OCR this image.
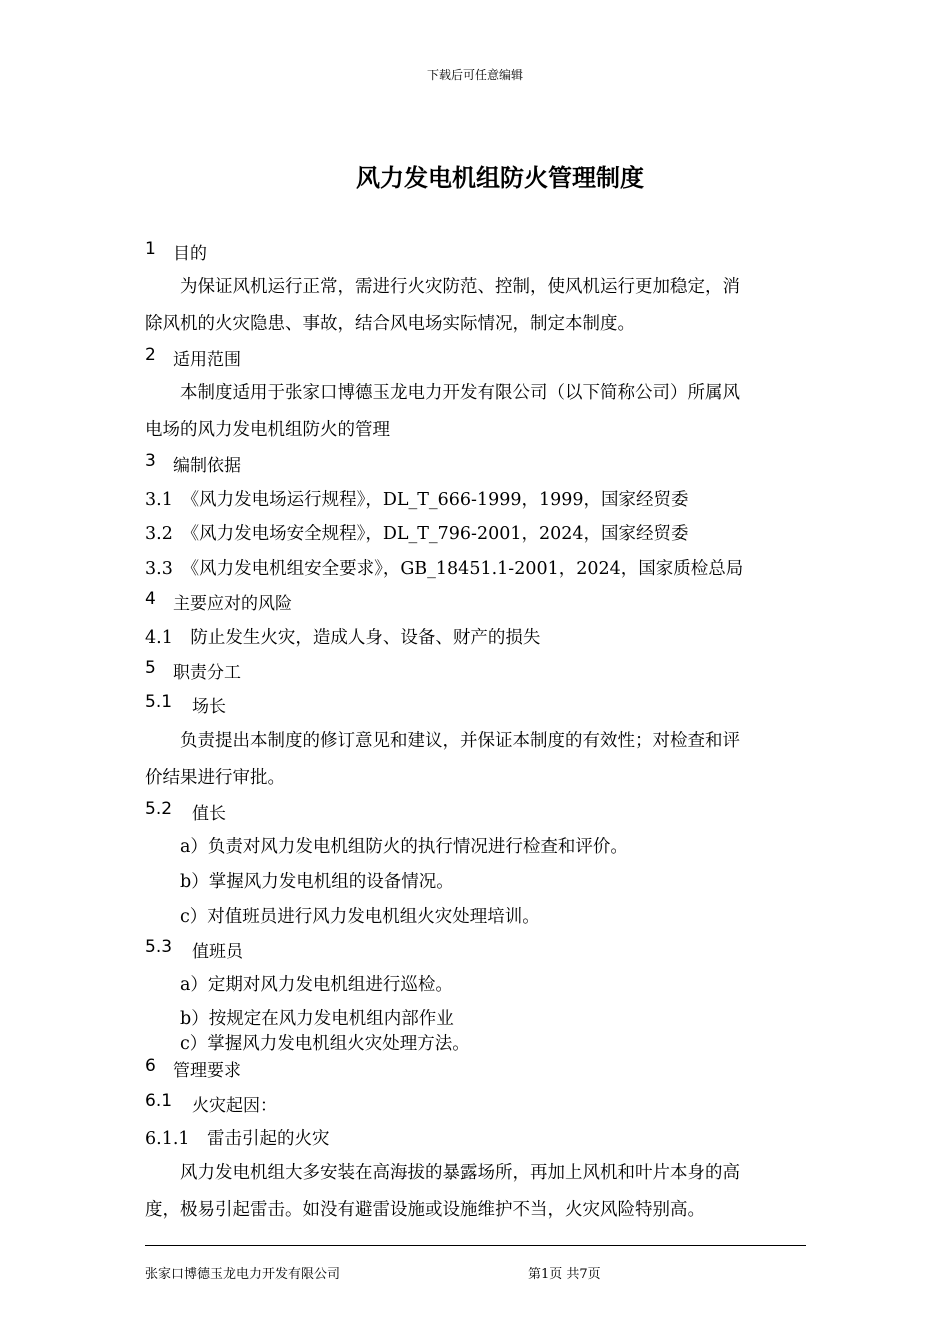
下载后可任意编辑
风力发电机组防火管理制度
1 目的
为保证风机运行正常，需进行火灾防范、控制，使风机运行更加稳定，消
除风机的火灾隐患、事故，结合风电场实际情况，制定本制度。
2 适用范围
本制度适用于张家口博德玉龙电力开发有限公司（以下简称公司）所属风
电场的风力发电机组防火的管理
3 编制依据
3.1　《风力发电场运行规程》，DL_T_666-1999，1999，国家经贸委
3.2　《风力发电场安全规程》，DL_T_796-2001，2024，国家经贸委
3.3　《风力发电机组安全要求》，GB_18451.1-2001，2024，国家质检总局
4 主要应对的风险
4.1　防止发生火灾，造成人身、设备、财产的损失
5 职责分工
5.1 场长
负责提出本制度的修订意见和建议，并保证本制度的有效性；对检查和评
价结果进行审批。
5.2 值长
a）负责对风力发电机组防火的执行情况进行检查和评价。
b）掌握风力发电机组的设备情况。
c）对值班员进行风力发电机组火灾处理培训。
5.3 值班员
a）定期对风力发电机组进行巡检。
b）按规定在风力发电机组内部作业
c）掌握风力发电机组火灾处理方法。
6 管理要求
6.1 火灾起因：
6.1.1　雷击引起的火灾
风力发电机组大多安装在高海拔的暴露场所，再加上风机和叶片本身的高
度，极易引起雷击。如没有避雷设施或设施维护不当，火灾风险特别高。
张家口博德玉龙电力开发有限公司	第1页 共7页
